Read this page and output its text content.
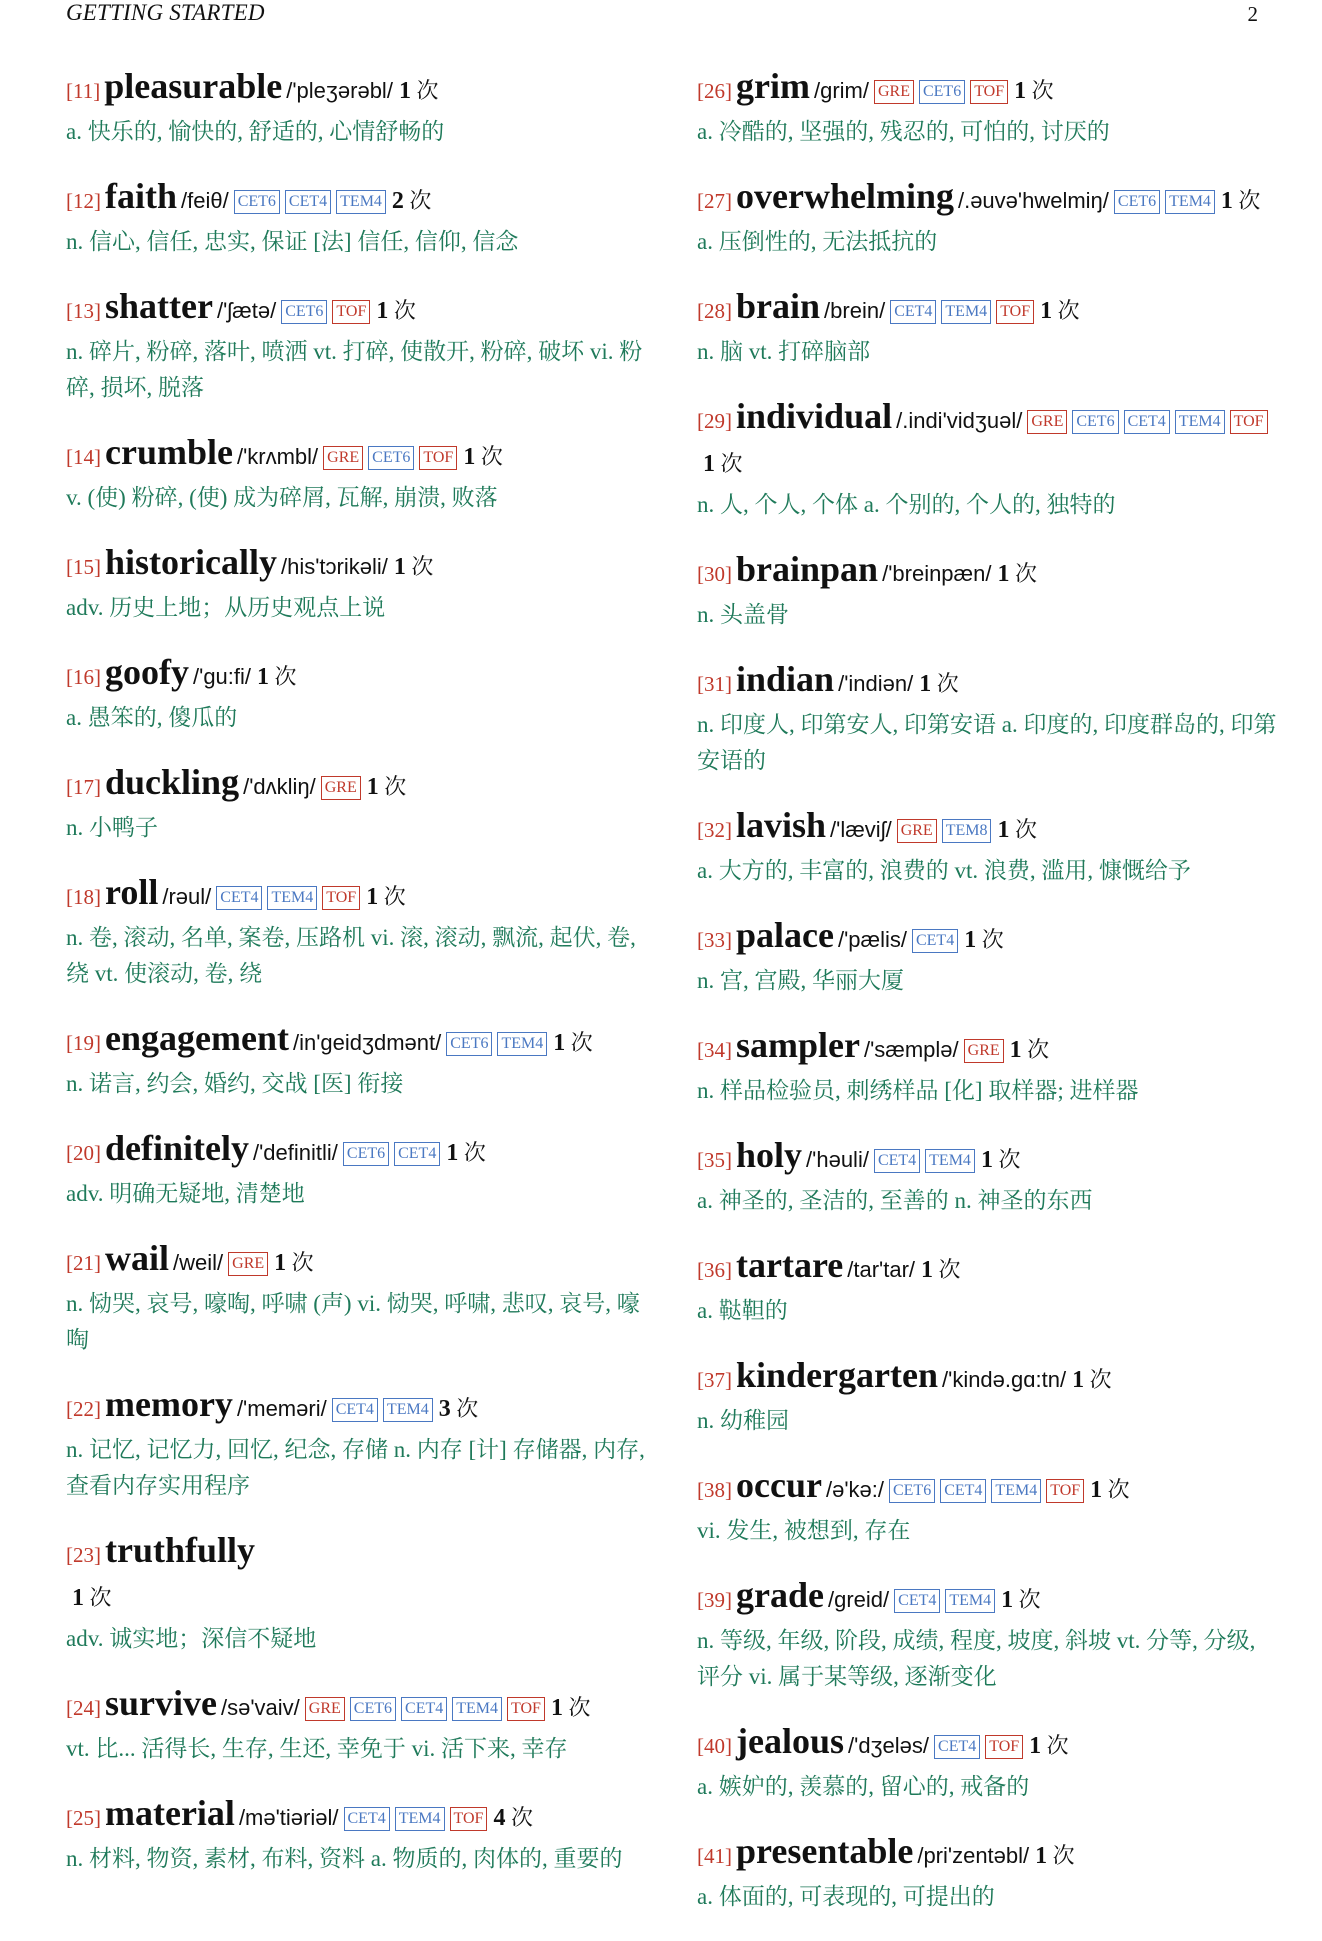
GETTING STARTED	2
[11] pleasurable /'pleʒərəbl/ 1 次
a. 快乐的, 愉快的, 舒适的, 心情舒畅的
[12] faith /feiθ/ CET6 CET4 TEM4 2 次
n. 信心, 信任, 忠实, 保证 [法] 信任, 信仰, 信念
[13] shatter /'ʃætə/ CET6 TOF 1 次
n. 碎片, 粉碎, 落叶, 喷洒 vt. 打碎, 使散开, 粉碎, 破坏 vi. 粉碎, 损坏, 脱落
[14] crumble /'krʌmbl/ GRE CET6 TOF 1 次
v. (使) 粉碎, (使) 成为碎屑, 瓦解, 崩溃, 败落
[15] historically /his'tɔrikəli/ 1 次
adv. 历史上地；从历史观点上说
[16] goofy /'gu:fi/ 1 次
a. 愚笨的, 傻瓜的
[17] duckling /'dʌkliŋ/ GRE 1 次
n. 小鸭子
[18] roll /rəul/ CET4 TEM4 TOF 1 次
n. 卷, 滚动, 名单, 案卷, 压路机 vi. 滚, 滚动, 飘流, 起伏, 卷, 绕 vt. 使滚动, 卷, 绕
[19] engagement /in'geidʒdmənt/ CET6 TEM4 1 次
n. 诺言, 约会, 婚约, 交战 [医] 衔接
[20] definitely /'definitli/ CET6 CET4 1 次
adv. 明确无疑地, 清楚地
[21] wail /weil/ GRE 1 次
n. 恸哭, 哀号, 嚎啕, 呼啸 (声) vi. 恸哭, 呼啸, 悲叹, 哀号, 嚎啕
[22] memory /'meməri/ CET4 TEM4 3 次
n. 记忆, 记忆力, 回忆, 纪念, 存储 n. 内存 [计] 存储器, 内存, 查看内存实用程序
[23] truthfully
1 次
adv. 诚实地；深信不疑地
[24] survive /sə'vaiv/ GRE CET6 CET4 TEM4 TOF 1 次
vt. 比... 活得长, 生存, 生还, 幸免于 vi. 活下来, 幸存
[25] material /mə'tiəriəl/ CET4 TEM4 TOF 4 次
n. 材料, 物资, 素材, 布料, 资料 a. 物质的, 肉体的, 重要的
[26] grim /grim/ GRE CET6 TOF 1 次
a. 冷酷的, 坚强的, 残忍的, 可怕的, 讨厌的
[27] overwhelming /.əuvə'hwelmiŋ/ CET6 TEM4 1 次
a. 压倒性的, 无法抵抗的
[28] brain /brein/ CET4 TEM4 TOF 1 次
n. 脑 vt. 打碎脑部
[29] individual /.indi'vidʒuəl/ GRE CET6 CET4 TEM4 TOF1 次
n. 人, 个人, 个体 a. 个别的, 个人的, 独特的
[30] brainpan /'breinpæn/ 1 次
n. 头盖骨
[31] indian /'indiən/ 1 次
n. 印度人, 印第安人, 印第安语 a. 印度的, 印度群岛的, 印第安语的
[32] lavish /'læviʃ/ GRE TEM8 1 次
a. 大方的, 丰富的, 浪费的 vt. 浪费, 滥用, 慷慨给予
[33] palace /'pælis/ CET4 1 次
n. 宫, 宫殿, 华丽大厦
[34] sampler /'sæmplə/ GRE 1 次
n. 样品检验员, 刺绣样品 [化] 取样器; 进样器
[35] holy /'həuli/ CET4 TEM4 1 次
a. 神圣的, 圣洁的, 至善的 n. 神圣的东西
[36] tartare /tar'tar/ 1 次
a. 鞑靼的
[37] kindergarten /'kində.gɑ:tn/ 1 次
n. 幼稚园
[38] occur /ə'kə:/ CET6 CET4 TEM4 TOF 1 次
vi. 发生, 被想到, 存在
[39] grade /greid/ CET4 TEM4 1 次
n. 等级, 年级, 阶段, 成绩, 程度, 坡度, 斜坡 vt. 分等, 分级, 评分 vi. 属于某等级, 逐渐变化
[40] jealous /'dʒeləs/ CET4 TOF 1 次
a. 嫉妒的, 羡慕的, 留心的, 戒备的
[41] presentable /pri'zentəbl/ 1 次
a. 体面的, 可表现的, 可提出的
